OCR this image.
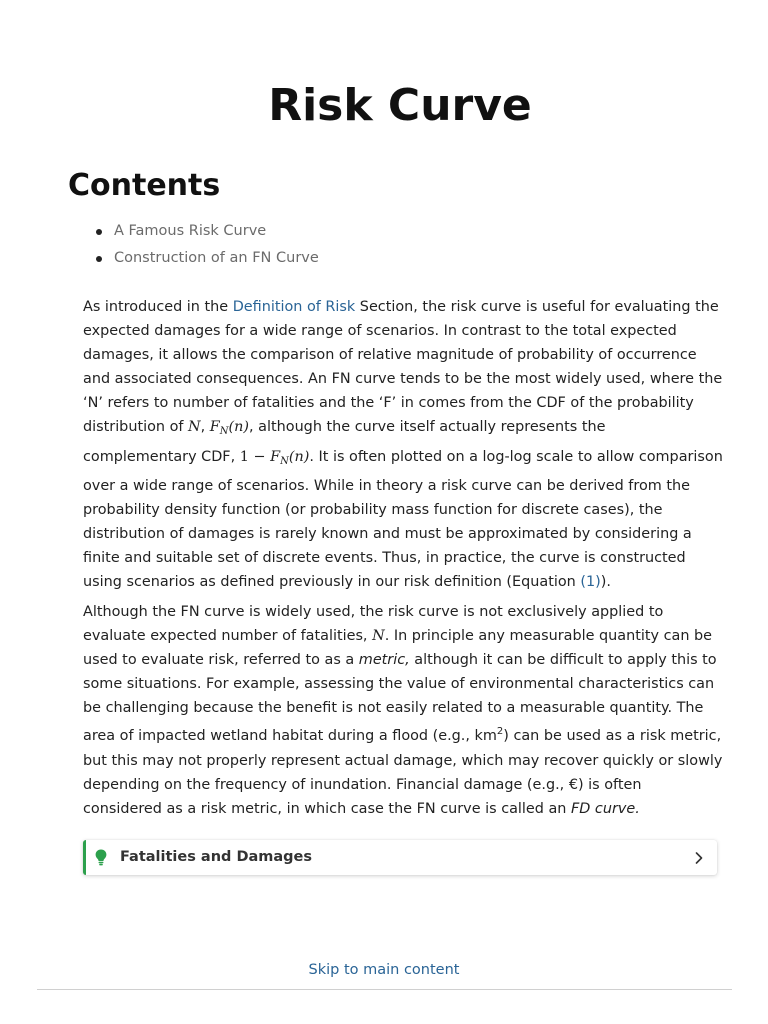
Risk Curve
Contents
A Famous Risk Curve
Construction of an FN Curve

As introduced in the Definition of Risk Section, the risk curve is useful for evaluating the expected damages for a wide range of scenarios. In contrast to the total expected damages, it allows the comparison of relative magnitude of probability of occurrence and associated consequences. An FN curve tends to be the most widely used, where the ‘N’ refers to number of fatalities and the ‘F’ in comes from the CDF of the probability distribution of N, $F_N(n)$, although the curve itself actually represents the complementary CDF, $1 - F_N(n)$. It is often plotted on a log-log scale to allow comparison over a wide range of scenarios. While in theory a risk curve can be derived from the probability density function (or probability mass function for discrete cases), the distribution of damages is rarely known and must be approximated by considering a finite and suitable set of discrete events. Thus, in practice, the curve is constructed using scenarios as defined previously in our risk definition (Equation (1)).

Although the FN curve is widely used, the risk curve is not exclusively applied to evaluate expected number of fatalities, N. In principle any measurable quantity can be used to evaluate risk, referred to as a metric, although it can be difficult to apply this to some situations. For example, assessing the value of environmental characteristics can be challenging because the benefit is not easily related to a measurable quantity. The area of impacted wetland habitat during a flood (e.g., $km^2$) can be used as a risk metric, but this may not properly represent actual damage, which may recover quickly or slowly depending on the frequency of inundation. Financial damage (e.g., €) is often considered as a risk metric, in which case the FN curve is called an FD curve.

Fatalities and Damages
Skip to main content
